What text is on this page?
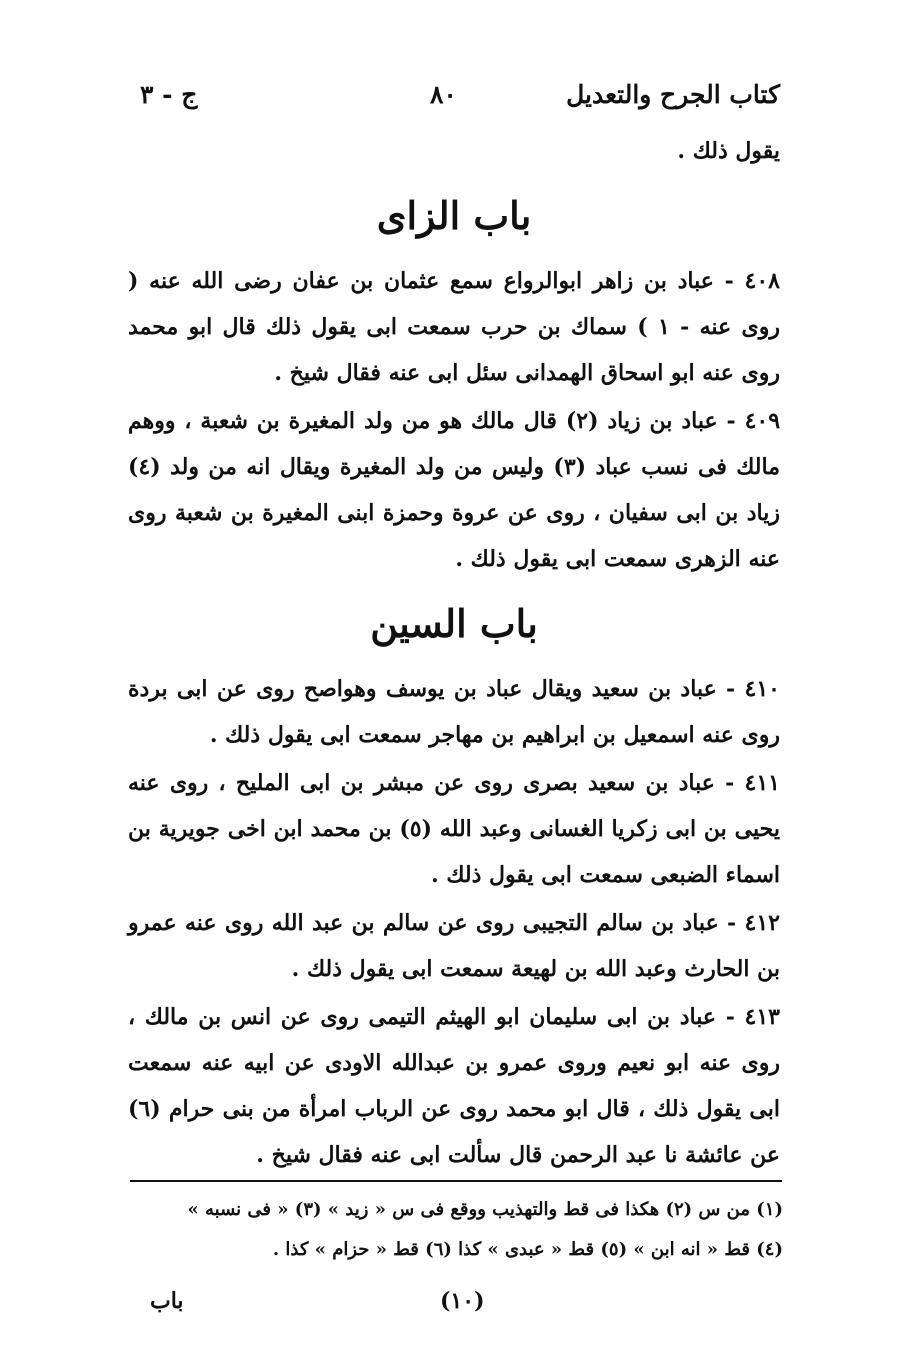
كتاب الجرح والتعديل
٨٠
ج - ٣

يقول ذلك .

باب الزاى

٤٠٨ - عباد بن زاهر ابوالرواع سمع عثمان بن عفان رضى الله عنه ( روى عنه - ١ ) سماك بن حرب سمعت ابى يقول ذلك قال ابو محمد روى عنه ابو اسحاق الهمدانى سئل ابى عنه فقال شيخ .

٤٠٩ - عباد بن زياد (٢) قال مالك هو من ولد المغيرة بن شعبة ، ووهم مالك فى نسب عباد (٣) وليس من ولد المغيرة ويقال انه من ولد (٤) زياد بن ابى سفيان ، روى عن عروة وحمزة ابنى المغيرة بن شعبة روى عنه الزهرى سمعت ابى يقول ذلك .

باب السين

٤١٠ - عباد بن سعيد ويقال عباد بن يوسف وهواصح روى عن ابى بردة روى عنه اسمعيل بن ابراهيم بن مهاجر سمعت ابى يقول ذلك .

٤١١ - عباد بن سعيد بصرى روى عن مبشر بن ابى المليح ، روى عنه يحيى بن ابى زكريا الغسانى وعبد الله (٥) بن محمد ابن اخى جويرية بن اسماء الضبعى سمعت ابى يقول ذلك .

٤١٢ - عباد بن سالم التجيبى روى عن سالم بن عبد الله روى عنه عمرو بن الحارث وعبد الله بن لهيعة سمعت ابى يقول ذلك .

٤١٣ - عباد بن ابى سليمان ابو الهيثم التيمى روى عن انس بن مالك ، روى عنه ابو نعيم وروى عمرو بن عبدالله الاودى عن ابيه عنه سمعت ابى يقول ذلك ، قال ابو محمد روى عن الرباب امرأة من بنى حرام (٦) عن عائشة نا عبد الرحمن قال سألت ابى عنه فقال شيخ .

(١) من س (٢) هكذا فى قط والتهذيب ووقع فى س « زيد » (٣) « فى نسبه »
(٤) قط « انه ابن » (٥) قط « عبدى » كذا (٦) قط « حزام » كذا .
(١٠)
باب
